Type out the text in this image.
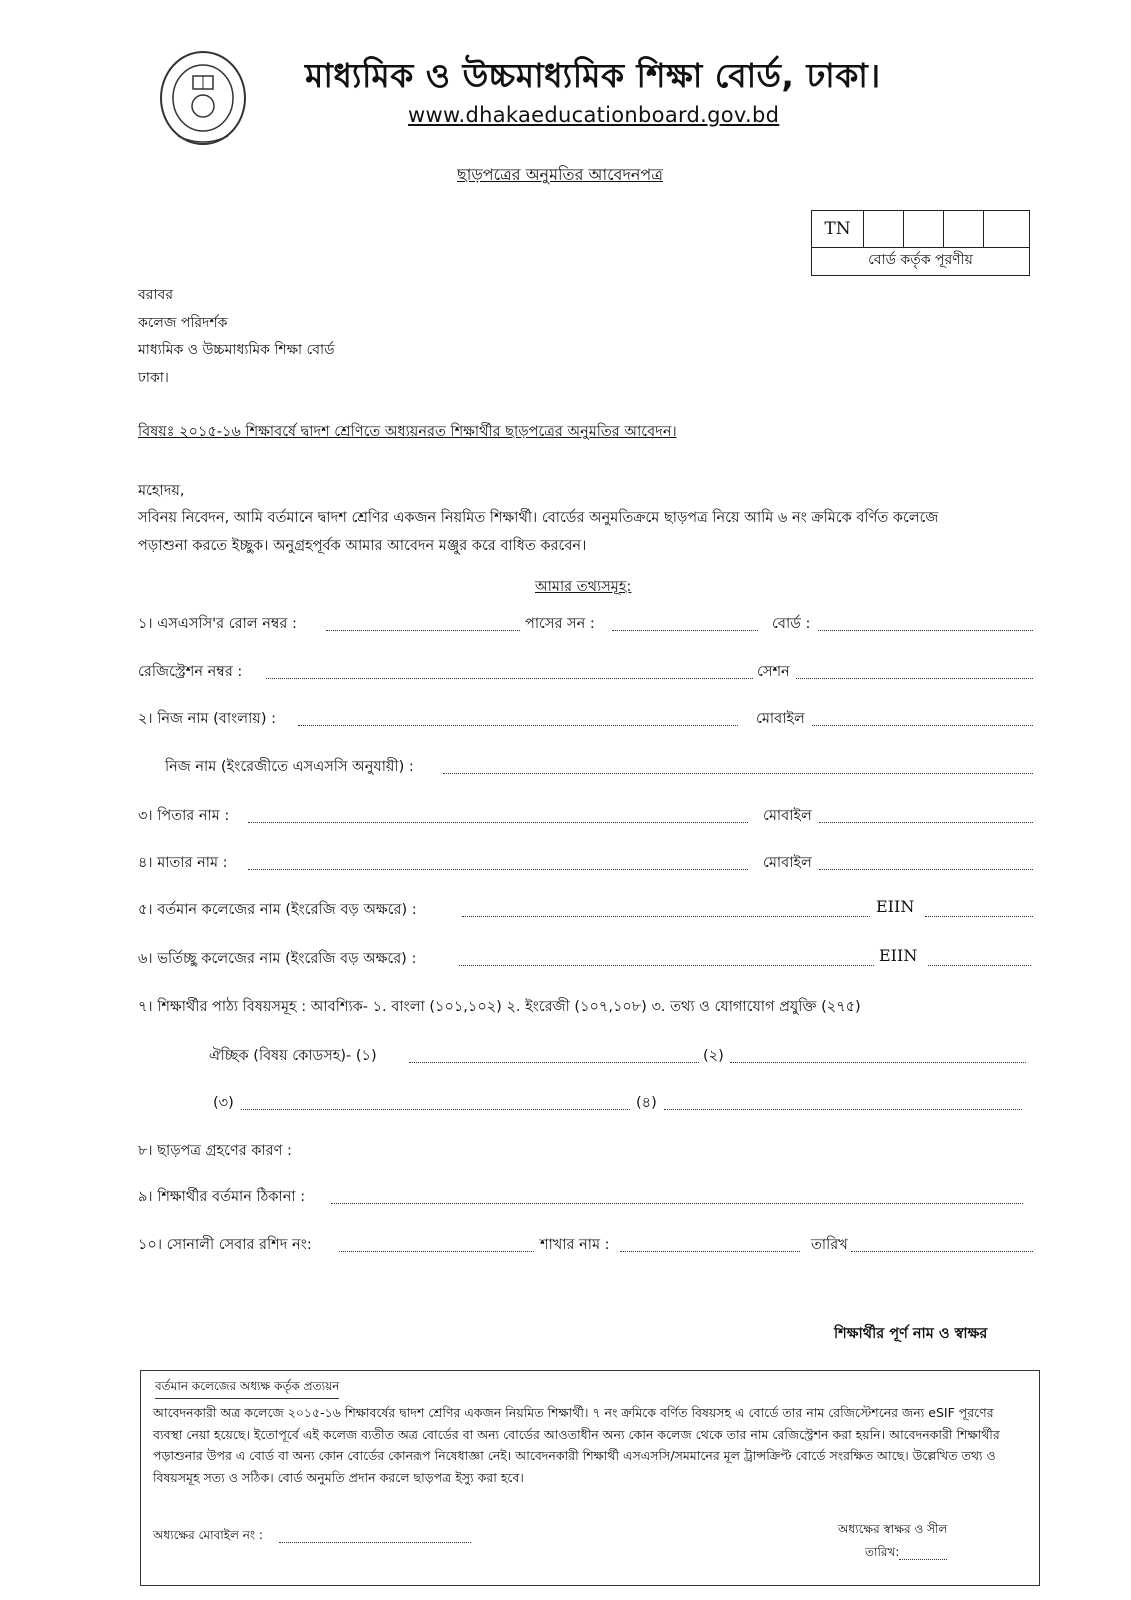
মাধ্যমিক ও উচ্চমাধ্যমিক শিক্ষা বোর্ড, ঢাকা।
www.dhakaeducationboard.gov.bd
ছাড়পত্রের অনুমতির আবেদনপত্র
TN
বোর্ড কর্তৃক পূরণীয়
বরাবর
কলেজ পরিদর্শক
মাধ্যমিক ও উচ্চমাধ্যমিক শিক্ষা বোর্ড
ঢাকা।
বিষয়ঃ ২০১৫-১৬ শিক্ষাবর্ষে দ্বাদশ শ্রেণিতে অধ্যয়নরত শিক্ষার্থীর ছাড়পত্রের অনুমতির আবেদন।
মহোদয়,
সবিনয় নিবেদন, আমি বর্তমানে দ্বাদশ শ্রেণির একজন নিয়মিত শিক্ষার্থী। বোর্ডের অনুমতিক্রমে ছাড়পত্র নিয়ে আমি ৬ নং ক্রমিকে বর্ণিত কলেজে
পড়াশুনা করতে ইচ্ছুক। অনুগ্রহপূর্বক আমার আবেদন মঞ্জুর করে বাধিত করবেন।
আমার তথ্যসমূহ:
১। এসএসসি'র রোল নম্বর :	পাসের সন :	বোর্ড :
রেজিস্ট্রেশন নম্বর :	সেশন
২। নিজ নাম (বাংলায়) :	মোবাইল
নিজ নাম (ইংরেজীতে এসএসসি অনুযায়ী) :
৩। পিতার নাম :	মোবাইল
৪। মাতার নাম :	মোবাইল
৫। বর্তমান কলেজের নাম (ইংরেজি বড় অক্ষরে) :	EIIN
৬। ভর্তিচ্ছু কলেজের নাম (ইংরেজি বড় অক্ষরে) :	EIIN
৭। শিক্ষার্থীর পাঠ্য বিষয়সমূহ : আবশ্যিক- ১. বাংলা (১০১,১০২) ২. ইংরেজী (১০৭,১০৮) ৩. তথ্য ও যোগাযোগ প্রযুক্তি (২৭৫)
ঐচ্ছিক (বিষয় কোডসহ)- (১)	(২)
(৩)	(৪)
৮। ছাড়পত্র গ্রহণের কারণ :
৯। শিক্ষার্থীর বর্তমান ঠিকানা :
১০। সোনালী সেবার রশিদ নং:	শাখার নাম :	তারিখ
শিক্ষার্থীর পূর্ণ নাম ও স্বাক্ষর
বর্তমান কলেজের অধ্যক্ষ কর্তৃক প্রত্যয়ন
আবেদনকারী অত্র কলেজে ২০১৫-১৬ শিক্ষাবর্ষের দ্বাদশ শ্রেণির একজন নিয়মিত শিক্ষার্থী। ৭ নং ক্রমিকে বর্ণিত বিষয়সহ এ বোর্ডে তার নাম রেজিস্টেশনের জন্য eSIF পূরণের ব্যবস্থা নেয়া হয়েছে। ইতোপূর্বে এই কলেজ ব্যতীত অত্র বোর্ডের বা অন্য বোর্ডের আওতাধীন অন্য কোন কলেজ থেকে তার নাম রেজিস্ট্রেশন করা হয়নি। আবেদনকারী শিক্ষার্থীর পড়াশুনার উপর এ বোর্ড বা অন্য কোন বোর্ডের কোনরূপ নিষেধাজ্ঞা নেই। আবেদনকারী শিক্ষার্থী এসএসসি/সমমানের মূল ট্রান্সক্রিপ্ট বোর্ডে সংরক্ষিত আছে। উল্লেখিত তথ্য ও বিষয়সমূহ সত্য ও সঠিক। বোর্ড অনুমতি প্রদান করলে ছাড়পত্র ইস্যু করা হবে।
অধ্যক্ষের মোবাইল নং :	অধ্যক্ষের স্বাক্ষর ও সীল
তারিখ:
